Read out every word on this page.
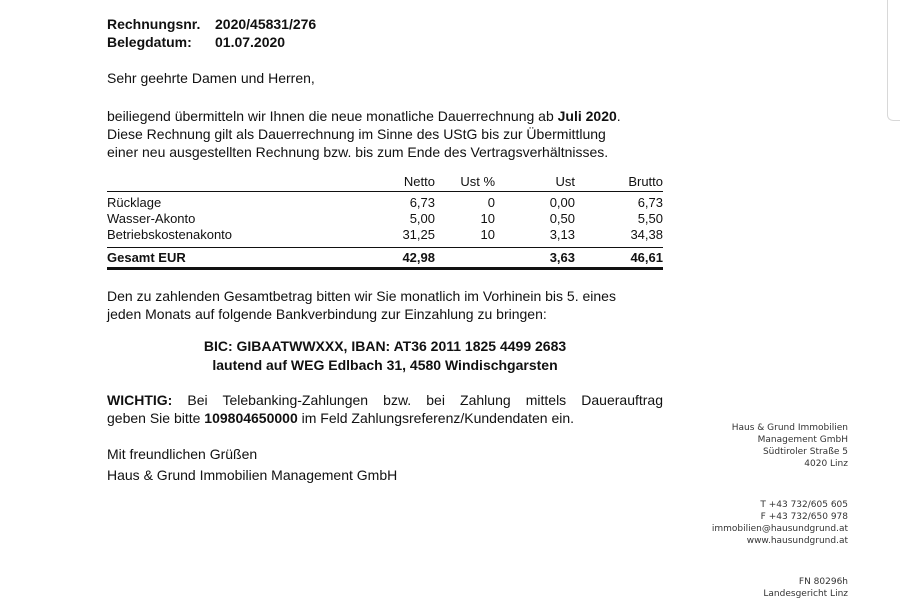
Rechnungsnr. 2020/45831/276
Belegdatum: 01.07.2020
Sehr geehrte Damen und Herren,
beiliegend übermitteln wir Ihnen die neue monatliche Dauerrechnung ab Juli 2020.
Diese Rechnung gilt als Dauerrechnung im Sinne des UStG bis zur Übermittlung
einer neu ausgestellten Rechnung bzw. bis zum Ende des Vertragsverhältnisses.
	Netto	Ust %	Ust	Brutto
Rücklage	6,73	0	0,00	6,73
Wasser-Akonto	5,00	10	0,50	5,50
Betriebskostenakonto	31,25	10	3,13	34,38

Gesamt EUR	42,98		3,63	46,61
Den zu zahlenden Gesamtbetrag bitten wir Sie monatlich im Vorhinein bis 5. eines
jeden Monats auf folgende Bankverbindung zur Einzahlung zu bringen:
BIC: GIBAATWWXXX, IBAN: AT36 2011 1825 4499 2683
lautend auf WEG Edlbach 31, 4580 Windischgarsten
WICHTIG: Bei Telebanking-Zahlungen bzw. bei Zahlung mittels Dauerauftrag
geben Sie bitte 109804650000 im Feld Zahlungsreferenz/Kundendaten ein.
Mit freundlichen Grüßen
Haus & Grund Immobilien Management GmbH
Haus & Grund Immobilien
Management GmbH
Südtiroler Straße 5
4020 Linz
T +43 732/605 605
F +43 732/650 978
immobilien@hausundgrund.at
www.hausundgrund.at
FN 80296h
Landesgericht Linz
